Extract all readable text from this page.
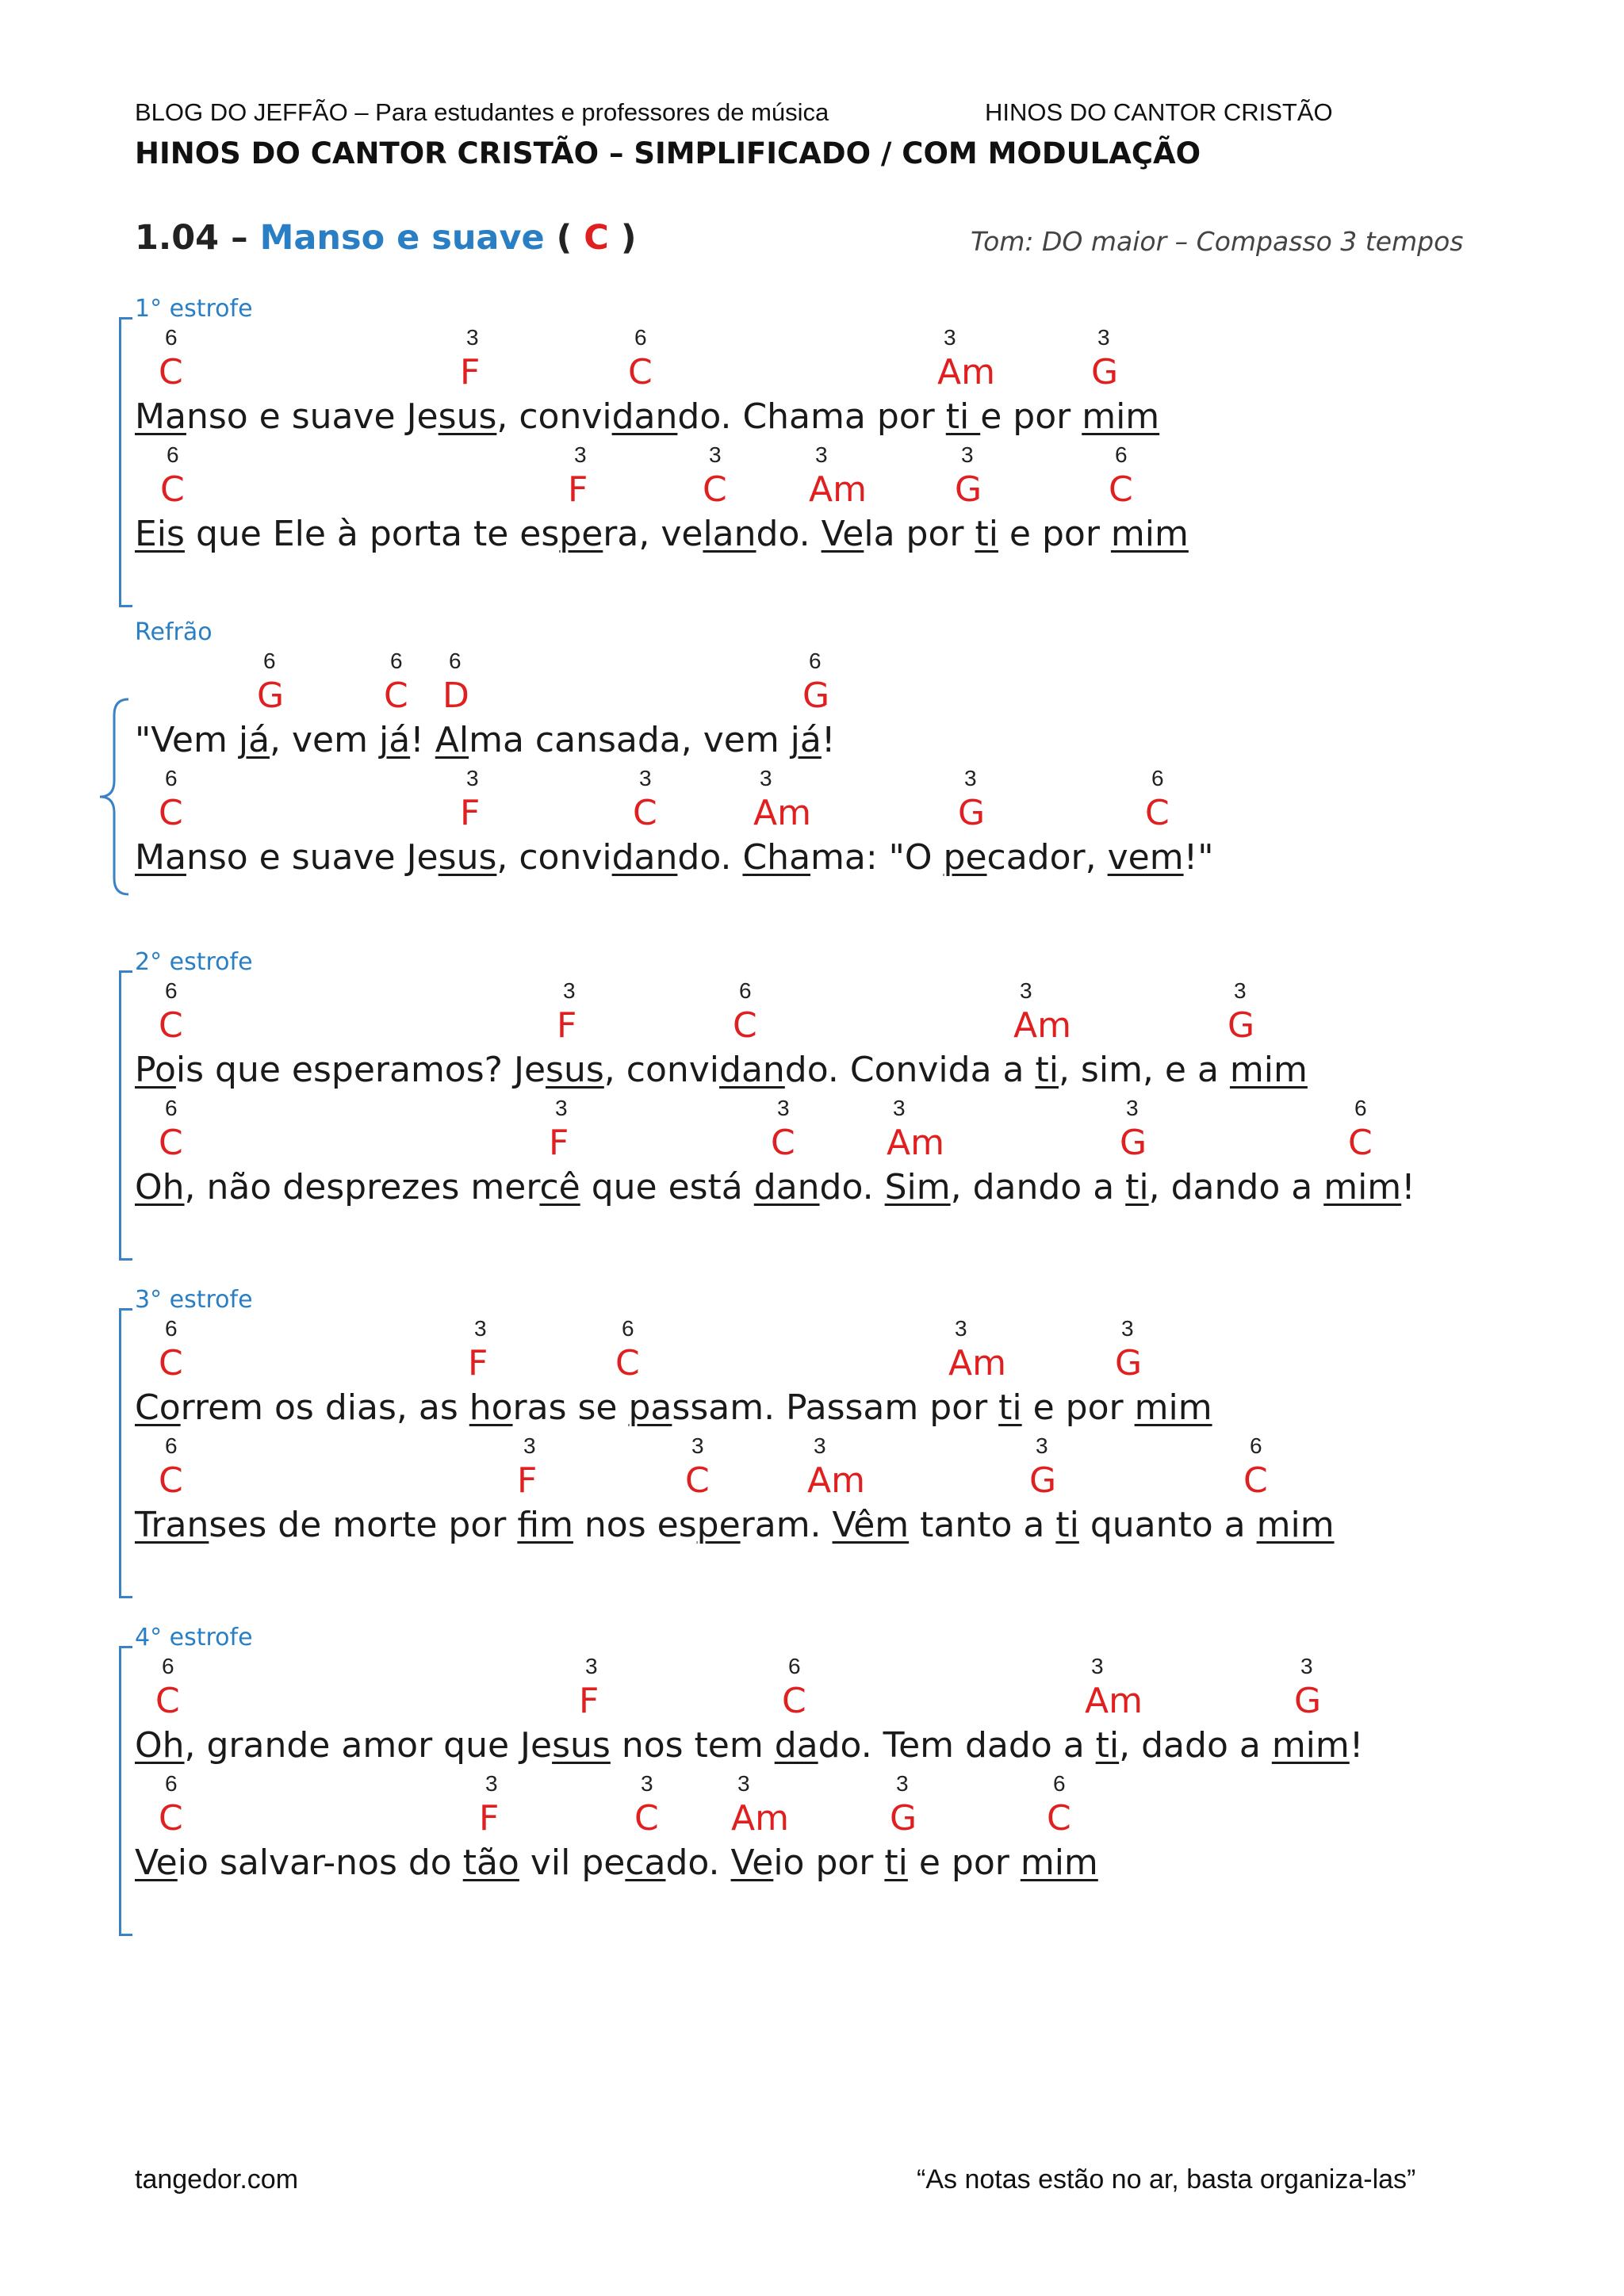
BLOG DO JEFFÃO – Para estudantes e professores de música	HINOS DO CANTOR CRISTÃO
HINOS DO CANTOR CRISTÃO – SIMPLIFICADO / COM MODULAÇÃO
1.04 – Manso e suave ( C )	Tom: DO maior – Compasso 3 tempos
1° estrofe
6
C
3
F
6
C
3
Am
3
G
Manso e suave Jesus, convidando. Chama por ti e por mim
6
C
3
F
3
C
3
Am
3
G
6
C
Eis que Ele à porta te espera, velando. Vela por ti e por mim
Refrão
6
G
6
C
6
D
6
G
"Vem já, vem já! Alma cansada, vem já!
6
C
3
F
3
C
3
Am
3
G
6
C
Manso e suave Jesus, convidando. Chama: "O pecador, vem!"
2° estrofe
6
C
3
F
6
C
3
Am
3
G
Pois que esperamos? Jesus, convidando. Convida a ti, sim, e a mim
6
C
3
F
3
C
3
Am
3
G
6
C
Oh, não desprezes mercê que está dando. Sim, dando a ti, dando a mim!
3° estrofe
6
C
3
F
6
C
3
Am
3
G
Correm os dias, as horas se passam. Passam por ti e por mim
6
C
3
F
3
C
3
Am
3
G
6
C
Transes de morte por fim nos esperam. Vêm tanto a ti quanto a mim
4° estrofe
6
C
3
F
6
C
3
Am
3
G
Oh, grande amor que Jesus nos tem dado. Tem dado a ti, dado a mim!
6
C
3
F
3
C
3
Am
3
G
6
C
Veio salvar-nos do tão vil pecado. Veio por ti e por mim
tangedor.com	“As notas estão no ar, basta organiza-las”
